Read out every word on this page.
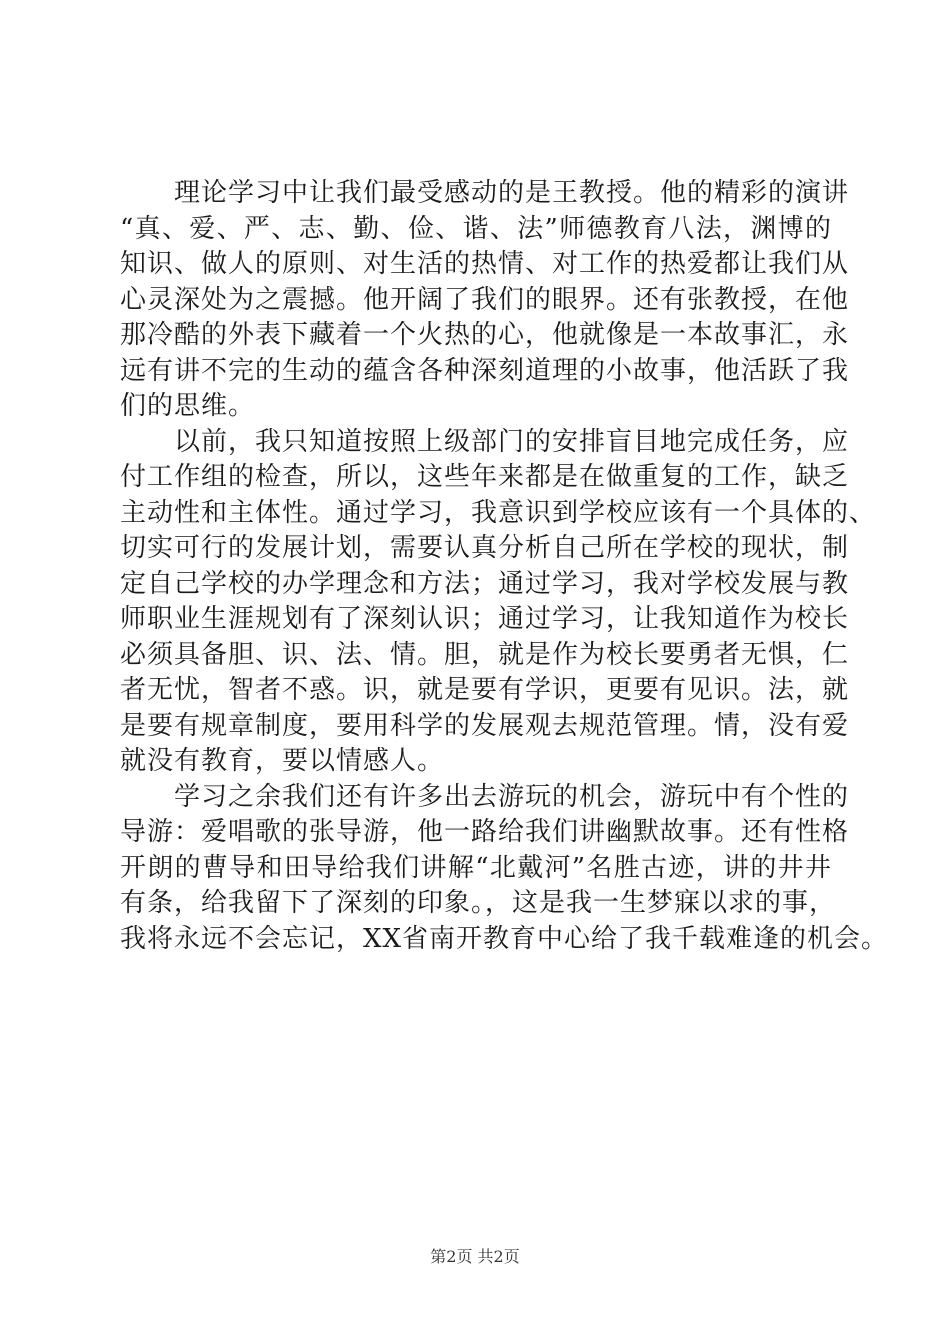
　　理论学习中让我们最受感动的是王教授。他的精彩的演讲
“真、爱、严、志、勤、俭、谐、法”师德教育八法，渊博的
知识、做人的原则、对生活的热情、对工作的热爱都让我们从
心灵深处为之震撼。他开阔了我们的眼界。还有张教授，在他
那冷酷的外表下藏着一个火热的心，他就像是一本故事汇，永
远有讲不完的生动的蕴含各种深刻道理的小故事，他活跃了我
们的思维。
　　以前，我只知道按照上级部门的安排盲目地完成任务，应
付工作组的检查，所以，这些年来都是在做重复的工作，缺乏
主动性和主体性。通过学习，我意识到学校应该有一个具体的、
切实可行的发展计划，需要认真分析自己所在学校的现状，制
定自己学校的办学理念和方法；通过学习，我对学校发展与教
师职业生涯规划有了深刻认识；通过学习，让我知道作为校长
必须具备胆、识、法、情。胆，就是作为校长要勇者无惧，仁
者无忧，智者不惑。识，就是要有学识，更要有见识。法，就
是要有规章制度，要用科学的发展观去规范管理。情，没有爱
就没有教育，要以情感人。
　　学习之余我们还有许多出去游玩的机会，游玩中有个性的
导游：爱唱歌的张导游，他一路给我们讲幽默故事。还有性格
开朗的曹导和田导给我们讲解“北戴河”名胜古迹，讲的井井
有条，给我留下了深刻的印象。，这是我一生梦寐以求的事，
我将永远不会忘记，XX省南开教育中心给了我千载难逢的机会。
第2页 共2页
